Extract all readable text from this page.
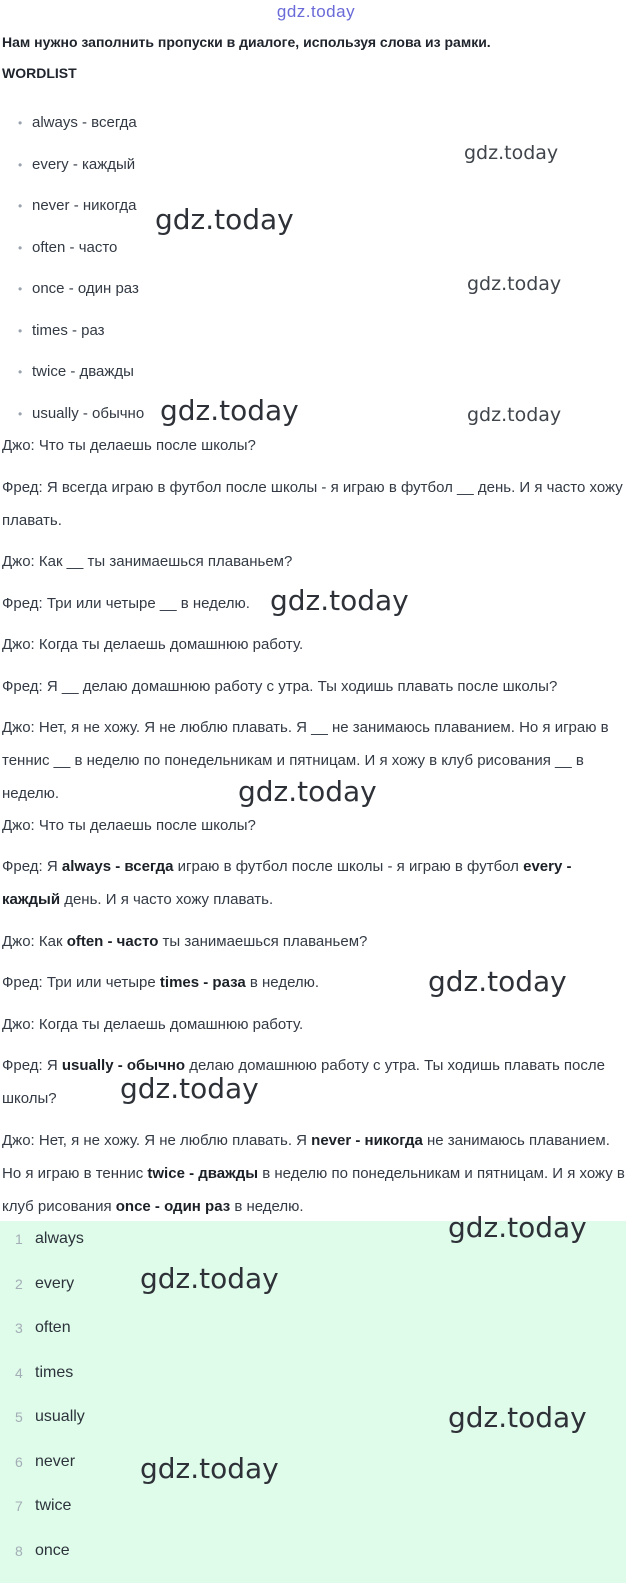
gdz.today
Нам нужно заполнить пропуски в диалоге, используя слова из рамки.
WORDLIST
• always - всегда
• every - каждый
• never - никогда
• often - часто
• once - один раз
• times - раз
• twice - дважды
• usually - обычно

Джо: Что ты делаешь после школы?

Фред: Я всегда играю в футбол после школы - я играю в футбол __ день. И я часто хожу плавать.

Джо: Как __ ты занимаешься плаваньем?

Фред: Три или четыре __ в неделю.

Джо: Когда ты делаешь домашнюю работу.

Фред: Я __ делаю домашнюю работу с утра. Ты ходишь плавать после школы?

Джо: Нет, я не хожу. Я не люблю плавать. Я __ не занимаюсь плаванием. Но я играю в теннис __ в неделю по понедельникам и пятницам. И я хожу в клуб рисования __ в неделю.

Джо: Что ты делаешь после школы?

Фред: Я always - всегда играю в футбол после школы - я играю в футбол every - каждый день. И я часто хожу плавать.

Джо: Как often - часто ты занимаешься плаваньем?

Фред: Три или четыре times - раза в неделю.

Джо: Когда ты делаешь домашнюю работу.

Фред: Я usually - обычно делаю домашнюю работу с утра. Ты ходишь плавать после школы?

Джо: Нет, я не хожу. Я не люблю плавать. Я never - никогда не занимаюсь плаванием. Но я играю в теннис twice - дважды в неделю по понедельникам и пятницам. И я хожу в клуб рисования once - один раз в неделю.

1 always
2 every
3 often
4 times
5 usually
6 never
7 twice
8 once
gdz.today
gdz.today
gdz.today
gdz.today	gdz.today
gdz.today
gdz.today
gdz.today
gdz.today
gdz.today
gdz.today
gdz.today
gdz.today
